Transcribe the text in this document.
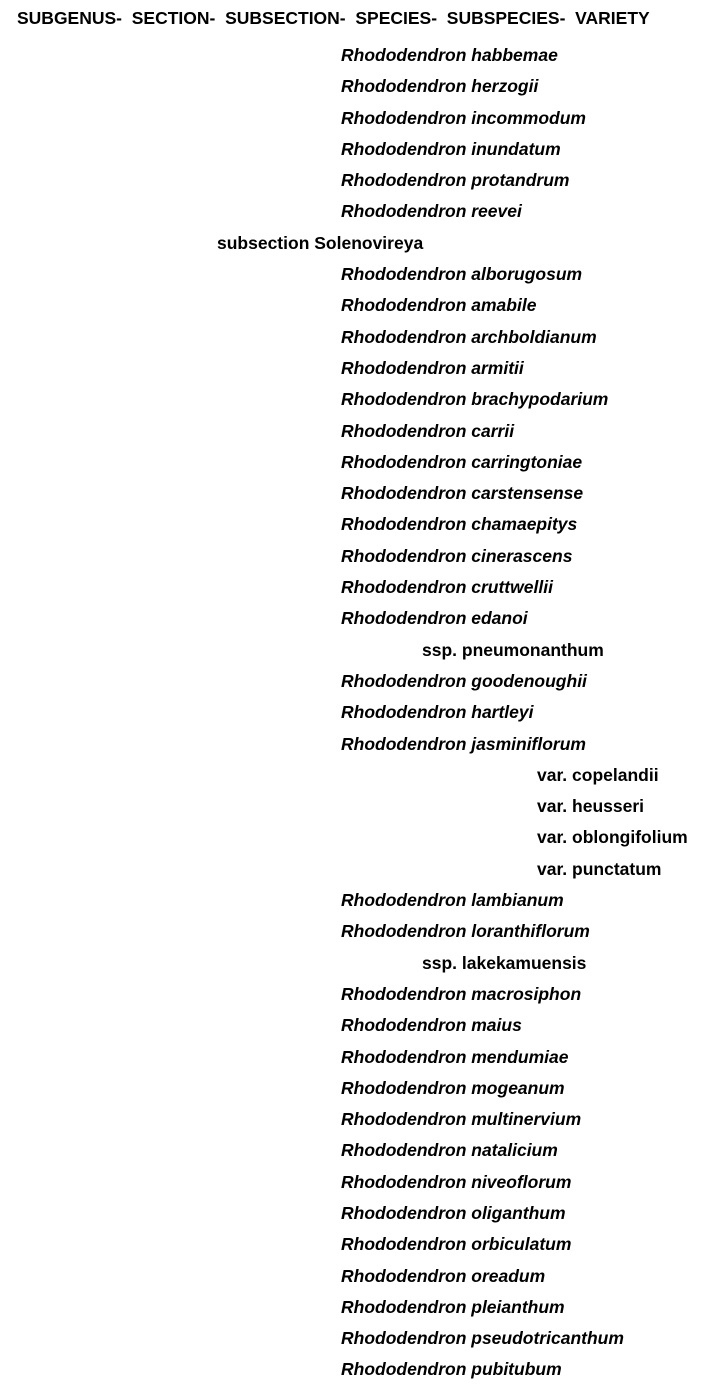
SUBGENUS-  SECTION-  SUBSECTION-  SPECIES-  SUBSPECIES-  VARIETY
Rhododendron habbemae
Rhododendron herzogii
Rhododendron incommodum
Rhododendron inundatum
Rhododendron protandrum
Rhododendron reevei
subsection Solenovireya
Rhododendron alborugosum
Rhododendron amabile
Rhododendron archboldianum
Rhododendron armitii
Rhododendron brachypodarium
Rhododendron carrii
Rhododendron carringtoniae
Rhododendron carstensense
Rhododendron chamaepitys
Rhododendron cinerascens
Rhododendron cruttwellii
Rhododendron edanoi
ssp. pneumonanthum
Rhododendron goodenoughii
Rhododendron hartleyi
Rhododendron jasminiflorum
var. copelandii
var. heusseri
var. oblongifolium
var. punctatum
Rhododendron lambianum
Rhododendron loranthiflorum
ssp. lakekamuensis
Rhododendron macrosiphon
Rhododendron maius
Rhododendron mendumiae
Rhododendron mogeanum
Rhododendron multinervium
Rhododendron natalicium
Rhododendron niveoflorum
Rhododendron oliganthum
Rhododendron orbiculatum
Rhododendron oreadum
Rhododendron pleianthum
Rhododendron pseudotricanthum
Rhododendron pubitubum
